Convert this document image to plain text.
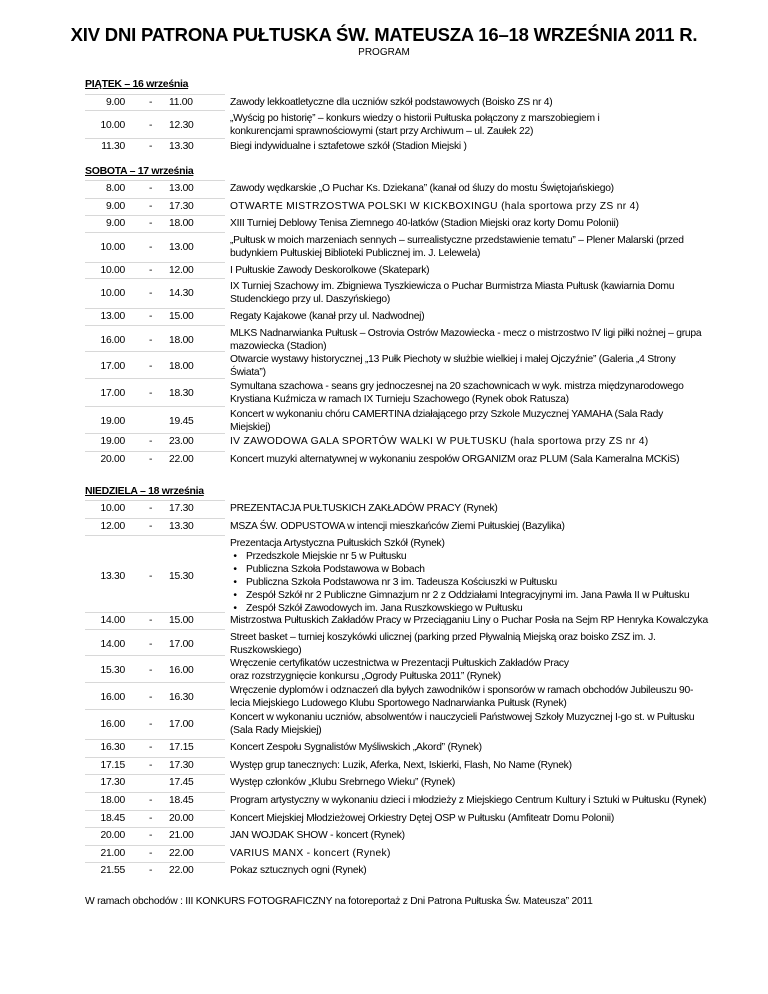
XIV DNI PATRONA PUŁTUSKA ŚW. MATEUSZA 16–18 WRZEŚNIA 2011 R.
PROGRAM
PIĄTEK – 16 września
9.00 - 11.00	Zawody lekkoatletyczne dla uczniów szkół podstawowych (Boisko ZS nr 4)
10.00 - 12.30
„Wyścig po historię” – konkurs wiedzy o historii Pułtuska połączony z marszobiegiem i
konkurencjami sprawnościowymi (start przy Archiwum – ul. Zaułek 22)
11.30 - 13.30	Biegi indywidualne i sztafetowe szkół (Stadion Miejski )
SOBOTA – 17 września
8.00 - 13.00	Zawody wędkarskie „O Puchar Ks. Dziekana” (kanał od śluzy do mostu Świętojańskiego)
9.00 - 17.30	OTWARTE MISTRZOSTWA POLSKI W KICKBOXINGU (hala sportowa przy ZS nr 4)
9.00 - 18.00	XIII Turniej Deblowy Tenisa Ziemnego 40-latków (Stadion Miejski oraz korty Domu Polonii)
10.00 - 13.00
„Pułtusk w moich marzeniach sennych – surrealistyczne przedstawienie tematu” – Plener Malarski (przed
budynkiem Pułtuskiej Biblioteki Publicznej im. J. Lelewela)
10.00 - 12.00	I Pułtuskie Zawody Deskorolkowe (Skatepark)
10.00 - 14.30
IX Turniej Szachowy im. Zbigniewa Tyszkiewicza o Puchar Burmistrza Miasta Pułtusk (kawiarnia Domu
Studenckiego przy ul. Daszyńskiego)
13.00 - 15.00	Regaty Kajakowe (kanał przy ul. Nadwodnej)
16.00 - 18.00
MLKS Nadnarwianka Pułtusk – Ostrovia Ostrów Mazowiecka - mecz o mistrzostwo IV ligi piłki nożnej – grupa
mazowiecka (Stadion)
17.00 - 18.00
Otwarcie wystawy historycznej „13 Pułk Piechoty w służbie wielkiej i małej Ojczyźnie” (Galeria „4 Strony
Świata”)
17.00 - 18.30
Symultana szachowa - seans gry jednoczesnej na 20 szachownicach w wyk. mistrza międzynarodowego
Krystiana Kuźmicza w ramach IX Turnieju Szachowego (Rynek obok Ratusza)
19.00	19.45
Koncert w wykonaniu chóru CAMERTINA działającego przy Szkole Muzycznej YAMAHA (Sala Rady
Miejskiej)
19.00 - 23.00	IV ZAWODOWA GALA SPORTÓW WALKI W PUŁTUSKU (hala sportowa przy ZS nr 4)
20.00 - 22.00	Koncert muzyki alternatywnej w wykonaniu zespołów ORGANIZM oraz PLUM (Sala Kameralna MCKiS)
NIEDZIELA – 18 września
10.00 - 17.30	PREZENTACJA PUŁTUSKICH ZAKŁADÓW PRACY (Rynek)
12.00 - 13.30	MSZA ŚW. ODPUSTOWA w intencji mieszkańców Ziemi Pułtuskiej (Bazylika)
13.30 - 15.30
Prezentacja Artystyczna Pułtuskich Szkół (Rynek)
• Przedszkole Miejskie nr 5 w Pułtusku
• Publiczna Szkoła Podstawowa w Bobach
• Publiczna Szkoła Podstawowa nr 3 im. Tadeusza Kościuszki w Pułtusku
• Zespół Szkół nr 2 Publiczne Gimnazjum nr 2 z Oddziałami Integracyjnymi im. Jana Pawła II w Pułtusku
• Zespół Szkół Zawodowych im. Jana Ruszkowskiego w Pułtusku
14.00 - 15.00	Mistrzostwa Pułtuskich Zakładów Pracy w Przeciąganiu Liny o Puchar Posła na Sejm RP Henryka Kowalczyka
14.00 - 17.00
Street basket – turniej koszykówki ulicznej (parking przed Pływalnią Miejską oraz boisko ZSZ im. J.
Ruszkowskiego)
15.30 - 16.00
Wręczenie certyfikatów uczestnictwa w Prezentacji Pułtuskich Zakładów Pracy
oraz rozstrzygnięcie konkursu „Ogrody Pułtuska 2011” (Rynek)
16.00 - 16.30
Wręczenie dyplomów i odznaczeń dla byłych zawodników i sponsorów w ramach obchodów Jubileuszu 90-
lecia Miejskiego Ludowego Klubu Sportowego Nadnarwianka Pułtusk (Rynek)
16.00 - 17.00
Koncert w wykonaniu uczniów, absolwentów i nauczycieli Państwowej Szkoły Muzycznej I-go st. w Pułtusku
(Sala Rady Miejskiej)
16.30 - 17.15	Koncert Zespołu Sygnalistów Myśliwskich „Akord” (Rynek)
17.15 - 17.30	Występ grup tanecznych: Luzik, Aferka, Next, Iskierki, Flash, No Name (Rynek)
17.30	17.45	Występ członków „Klubu Srebrnego Wieku” (Rynek)
18.00 - 18.45	Program artystyczny w wykonaniu dzieci i młodzieży z Miejskiego Centrum Kultury i Sztuki w Pułtusku (Rynek)
18.45 - 20.00	Koncert Miejskiej Młodzieżowej Orkiestry Dętej OSP w Pułtusku (Amfiteatr Domu Polonii)
20.00 - 21.00	JAN WOJDAK SHOW - koncert (Rynek)
21.00 - 22.00	VARIUS MANX - koncert (Rynek)
21.55 - 22.00	Pokaz sztucznych ogni (Rynek)
W ramach obchodów : III KONKURS FOTOGRAFICZNY na fotoreportaż z Dni Patrona Pułtuska Św. Mateusza” 2011
